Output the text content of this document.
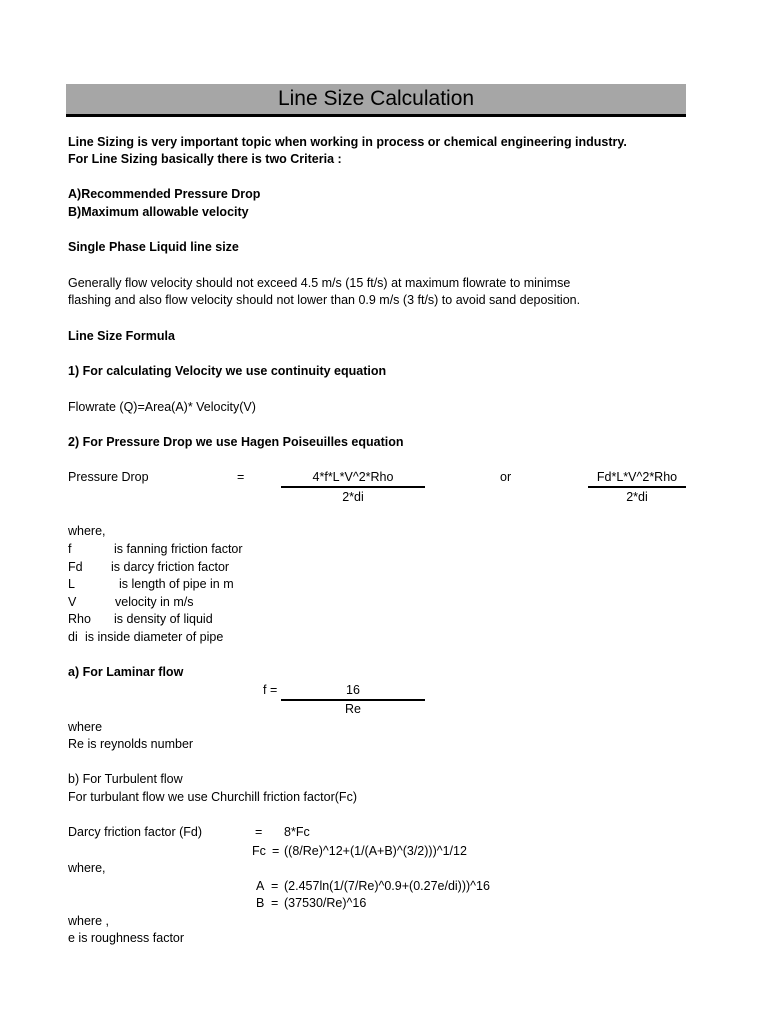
Line Size Calculation
Line Sizing is very important topic when working in process or chemical engineering industry.
For Line Sizing basically there is two Criteria :
A)Recommended Pressure Drop
B)Maximum allowable velocity
Single Phase Liquid line size
Generally flow velocity should not exceed 4.5 m/s (15 ft/s) at maximum flowrate to minimse
flashing and also flow velocity should not lower than 0.9 m/s (3 ft/s) to avoid sand deposition.
Line Size Formula
1) For calculating Velocity we use continuity equation
Flowrate (Q)=Area(A)* Velocity(V)
2) For Pressure Drop we use Hagen Poiseuilles equation
Pressure Drop	=	4*f*L*V^2*Rho
2*di
or	Fd*L*V^2*Rho
2*di
where,
f	is fanning friction factor
Fd is darcy friction factor
L	is length of pipe in m
V	velocity in m/s
Rho is density of liquid
di is inside diameter of pipe
a) For Laminar flow
f =	16
Re
where
Re is reynolds number
b) For Turbulent flow
For turbulant flow we use Churchill friction factor(Fc)
Darcy friction factor (Fd)	= 8*Fc
Fc = ((8/Re)^12+(1/(A+B)^(3/2)))^1/12
where,
A = (2.457ln(1/(7/Re)^0.9+(0.27e/di)))^16
B = (37530/Re)^16
where ,
e is roughness factor
